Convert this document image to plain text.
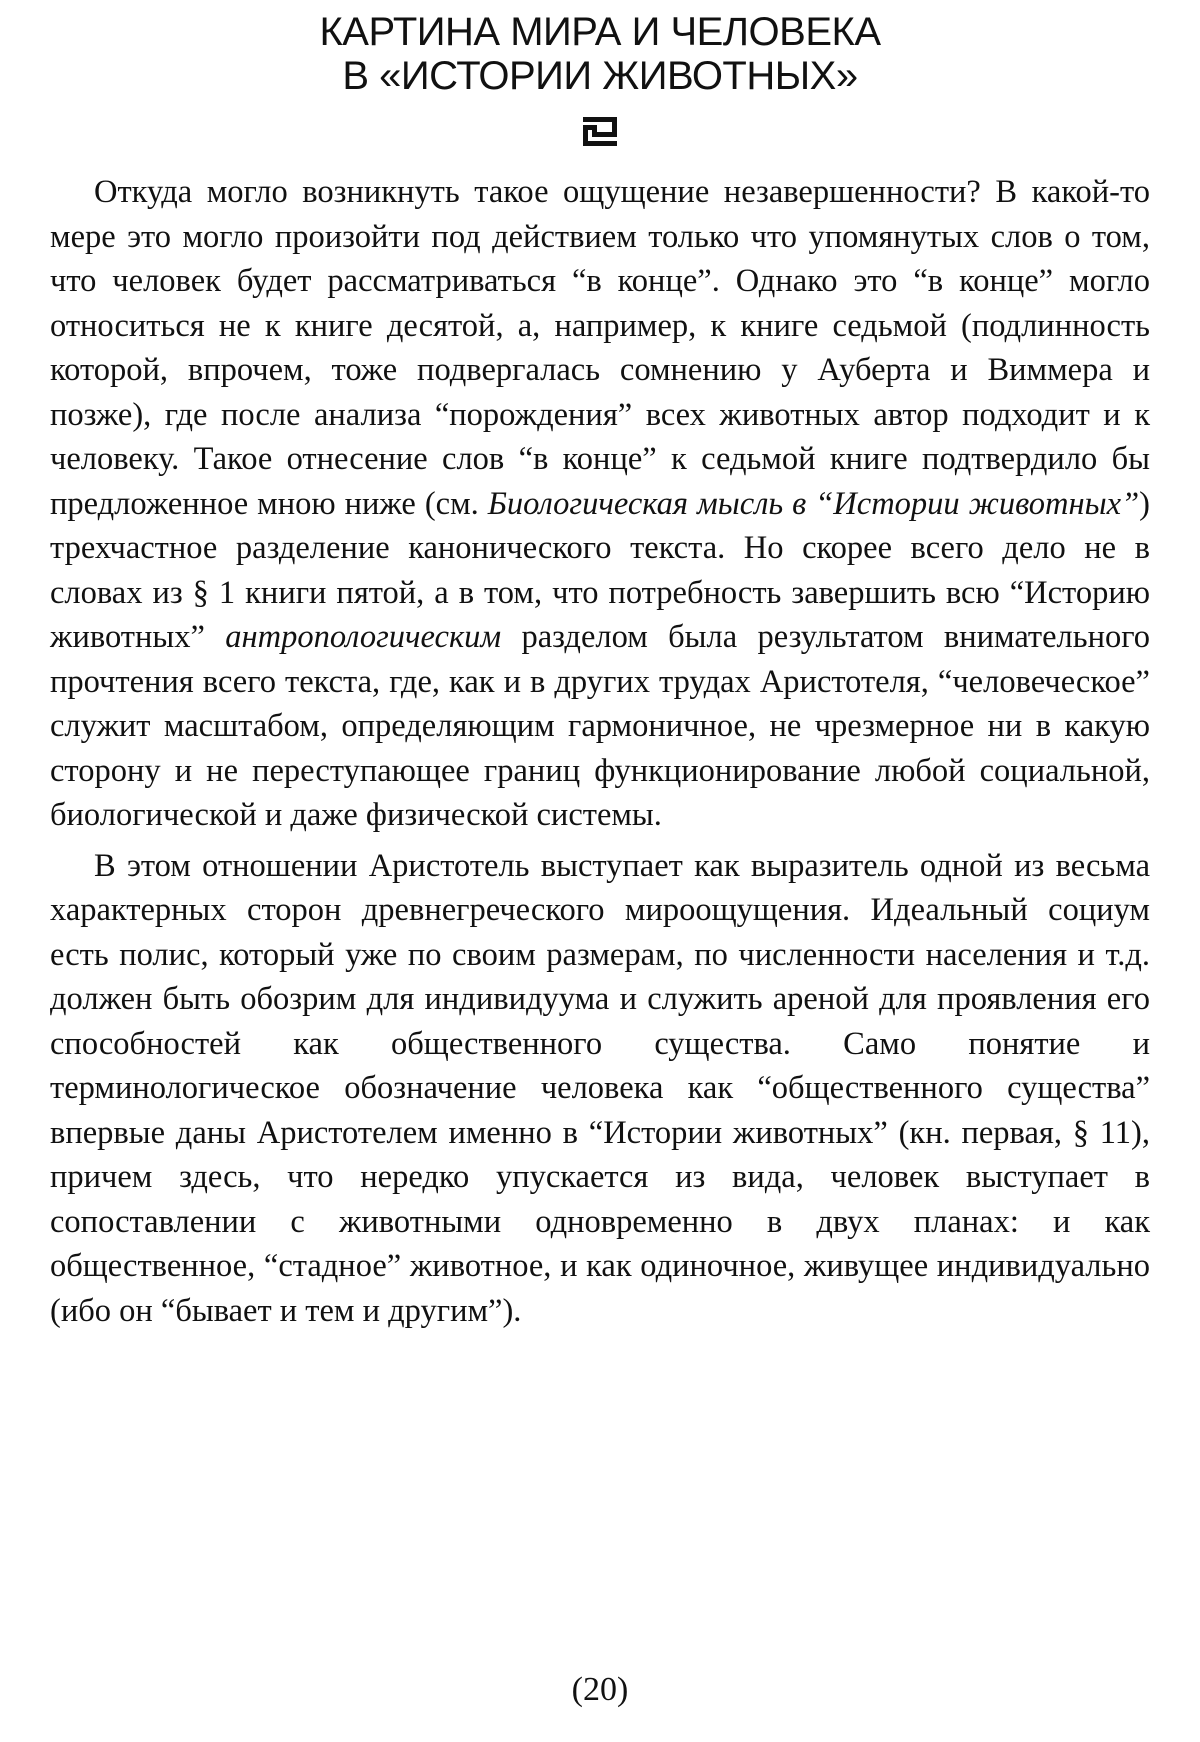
КАРТИНА МИРА И ЧЕЛОВЕКА
В «ИСТОРИИ ЖИВОТНЫХ»

Откуда могло возникнуть такое ощущение незавершенности? В какой-то мере это могло произойти под действием только что упомянутых слов о том, что человек будет рассматриваться “в конце”. Однако это “в конце” могло относиться не к книге десятой, а, например, к книге седьмой (подлинность которой, впрочем, тоже подвергалась сомнению у Ауберта и Виммера и позже), где после анализа “порождения” всех животных автор подходит и к человеку. Такое отнесение слов “в конце” к седьмой книге подтвердило бы предложенное мною ниже (см. Биологическая мысль в “Истории животных”) трехчастное разделение канонического текста. Но скорее всего дело не в словах из § 1 книги пятой, а в том, что потребность завершить всю “Историю животных” антропологическим разделом была результатом внимательного прочтения всего текста, где, как и в других трудах Аристотеля, “человеческое” служит масштабом, определяющим гармоничное, не чрезмерное ни в какую сторону и не переступающее границ функционирование любой социальной, биологической и даже физической системы.

В этом отношении Аристотель выступает как выразитель одной из весьма характерных сторон древнегреческого мироощущения. Идеальный социум есть полис, который уже по своим размерам, по численности населения и т.д. должен быть обозрим для индивидуума и служить ареной для проявления его способностей как общественного существа. Само понятие и терминологическое обозначение человека как “общественного существа” впервые даны Аристотелем именно в “Истории животных” (кн. первая, § 11), причем здесь, что нередко упускается из вида, человек выступает в сопоставлении с животными одновременно в двух планах: и как общественное, “стадное” животное, и как одиночное, живущее индивидуально (ибо он “бывает и тем и другим”).

(20)
